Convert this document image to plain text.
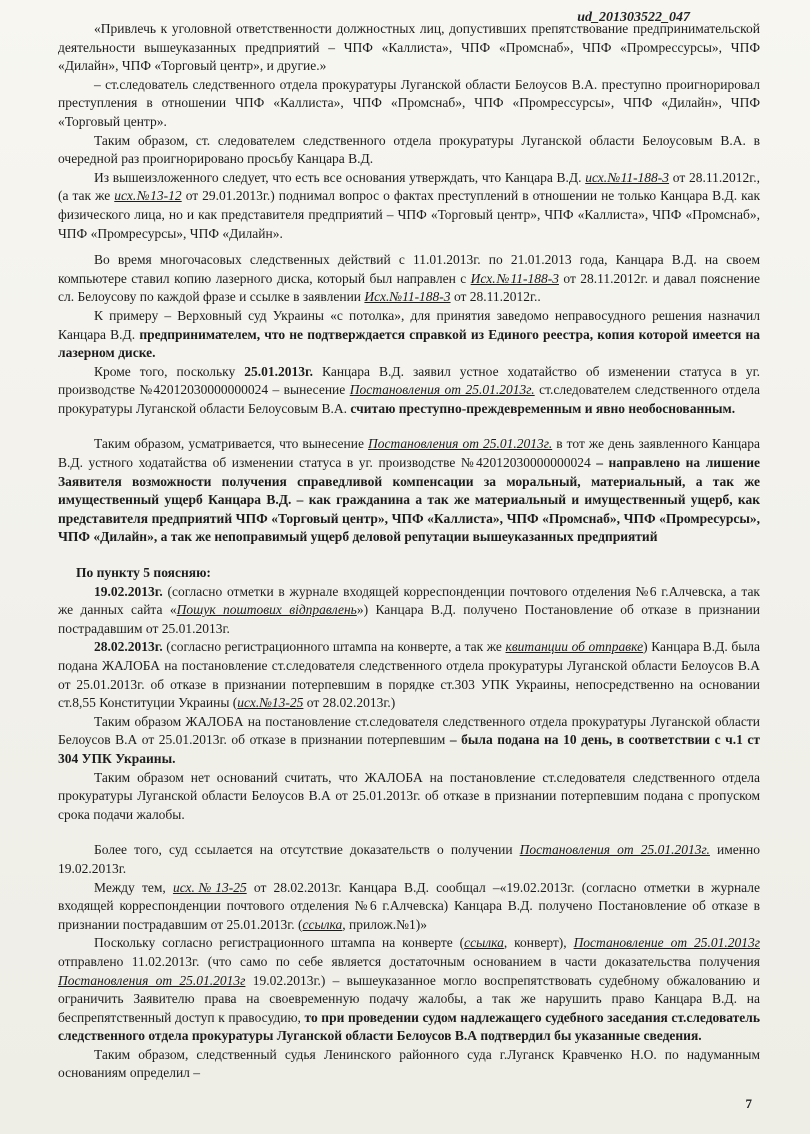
ud_201303522_047

«Привлечь к уголовной ответственности должностных лиц, допустивших препятствование предпринимательской деятельности вышеуказанных предприятий – ЧПФ «Каллиста», ЧПФ «Промснаб», ЧПФ «Промрессурсы», ЧПФ «Дилайн», ЧПФ «Торговый центр», и другие.»

– ст.следователь следственного отдела прокуратуры Луганской области Белоусов В.А. преступно проигнорировал преступления в отношении ЧПФ «Каллиста», ЧПФ «Промснаб», ЧПФ «Промрессурсы», ЧПФ «Дилайн», ЧПФ «Торговый центр».

Таким образом, ст. следователем следственного отдела прокуратуры Луганской области Белоусовым В.А. в очередной раз проигнорировано просьбу Канцара В.Д.

Из вышеизложенного следует, что есть все основания утверждать, что Канцара В.Д. исх.№11-188-3 от 28.11.2012г., (а так же исх.№13-12 от 29.01.2013г.) поднимал вопрос о фактах преступлений в отношении не только Канцара В.Д. как физического лица, но и как представителя предприятий – ЧПФ «Торговый центр», ЧПФ «Каллиста», ЧПФ «Промснаб», ЧПФ «Промресурсы», ЧПФ «Дилайн».

Во время многочасовых следственных действий с 11.01.2013г. по 21.01.2013 года, Канцара В.Д. на своем компьютере ставил копию лазерного диска, который был направлен с Исх.№11-188-3 от 28.11.2012г. и давал пояснение сл. Белоусову по каждой фразе и ссылке в заявлении Исх.№11-188-3 от 28.11.2012г..

К примеру – Верховный суд Украины «с потолка», для принятия заведомо неправосудного решения назначил Канцара В.Д. предпринимателем, что не подтверждается справкой из Единого реестра, копия которой имеется на лазерном диске.

Кроме того, поскольку 25.01.2013г. Канцара В.Д. заявил устное ходатайство об изменении статуса в уг. производстве №42012030000000024 – вынесение Постановления от 25.01.2013г. ст.следователем следственного отдела прокуратуры Луганской области Белоусовым В.А. считаю преступно-преждевременным и явно необоснованным.

Таким образом, усматривается, что вынесение Постановления от 25.01.2013г. в тот же день заявленного Канцара В.Д. устного ходатайства об изменении статуса в уг. производстве №42012030000000024 – направлено на лишение Заявителя возможности получения справедливой компенсации за моральный, материальный, а так же имущественный ущерб Канцара В.Д. – как гражданина а так же материальный и имущественный ущерб, как представителя предприятий ЧПФ «Торговый центр», ЧПФ «Каллиста», ЧПФ «Промснаб», ЧПФ «Промресурсы», ЧПФ «Дилайн», а так же непоправимый ущерб деловой репутации вышеуказанных предприятий

По пункту 5 поясняю:

19.02.2013г. (согласно отметки в журнале входящей корреспонденции почтового отделения №6 г.Алчевска, а так же данных сайта «Пошук поштових відправлень») Канцара В.Д. получено Постановление об отказе в признании пострадавшим от 25.01.2013г.

28.02.2013г. (согласно регистрационного штампа на конверте, а так же квитанции об отправке) Канцара В.Д. была подана ЖАЛОБА на постановление ст.следователя следственного отдела прокуратуры Луганской области Белоусов В.А от 25.01.2013г. об отказе в признании потерпевшим в порядке ст.303 УПК Украины, непосредственно на основании ст.8,55 Конституции Украины (исх.№13-25 от 28.02.2013г.)

Таким образом ЖАЛОБА на постановление ст.следователя следственного отдела прокуратуры Луганской области Белоусов В.А от 25.01.2013г. об отказе в признании потерпевшим – была подана на 10 день, в соответствии с ч.1 ст 304 УПК Украины.

Таким образом нет оснований считать, что ЖАЛОБА на постановление ст.следователя следственного отдела прокуратуры Луганской области Белоусов В.А от 25.01.2013г. об отказе в признании потерпевшим подана с пропуском срока подачи жалобы.

Более того, суд ссылается на отсутствие доказательств о получении Постановления от 25.01.2013г. именно 19.02.2013г.

Между тем, исх.№13-25 от 28.02.2013г. Канцара В.Д. сообщал –«19.02.2013г. (согласно отметки в журнале входящей корреспонденции почтового отделения №6 г.Алчевска) Канцара В.Д. получено Постановление об отказе в признании пострадавшим от 25.01.2013г. (ссылка, прилож.№1)»

Поскольку согласно регистрационного штампа на конверте (ссылка, конверт), Постановление от 25.01.2013г отправлено 11.02.2013г. (что само по себе является достаточным основанием в части доказательства получения Постановления от 25.01.2013г 19.02.2013г.) – вышеуказанное могло воспрепятствовать судебному обжалованию и ограничить Заявителю права на своевременную подачу жалобы, а так же нарушить право Канцара В.Д. на беспрепятственный доступ к правосудию, то при проведении судом надлежащего судебного заседания ст.следователь следственного отдела прокуратуры Луганской области Белоусов В.А подтвердил бы указанные сведения.

Таким образом, следственный судья Ленинского районного суда г.Луганск Кравченко Н.О. по надуманным основаниям определил –

7
